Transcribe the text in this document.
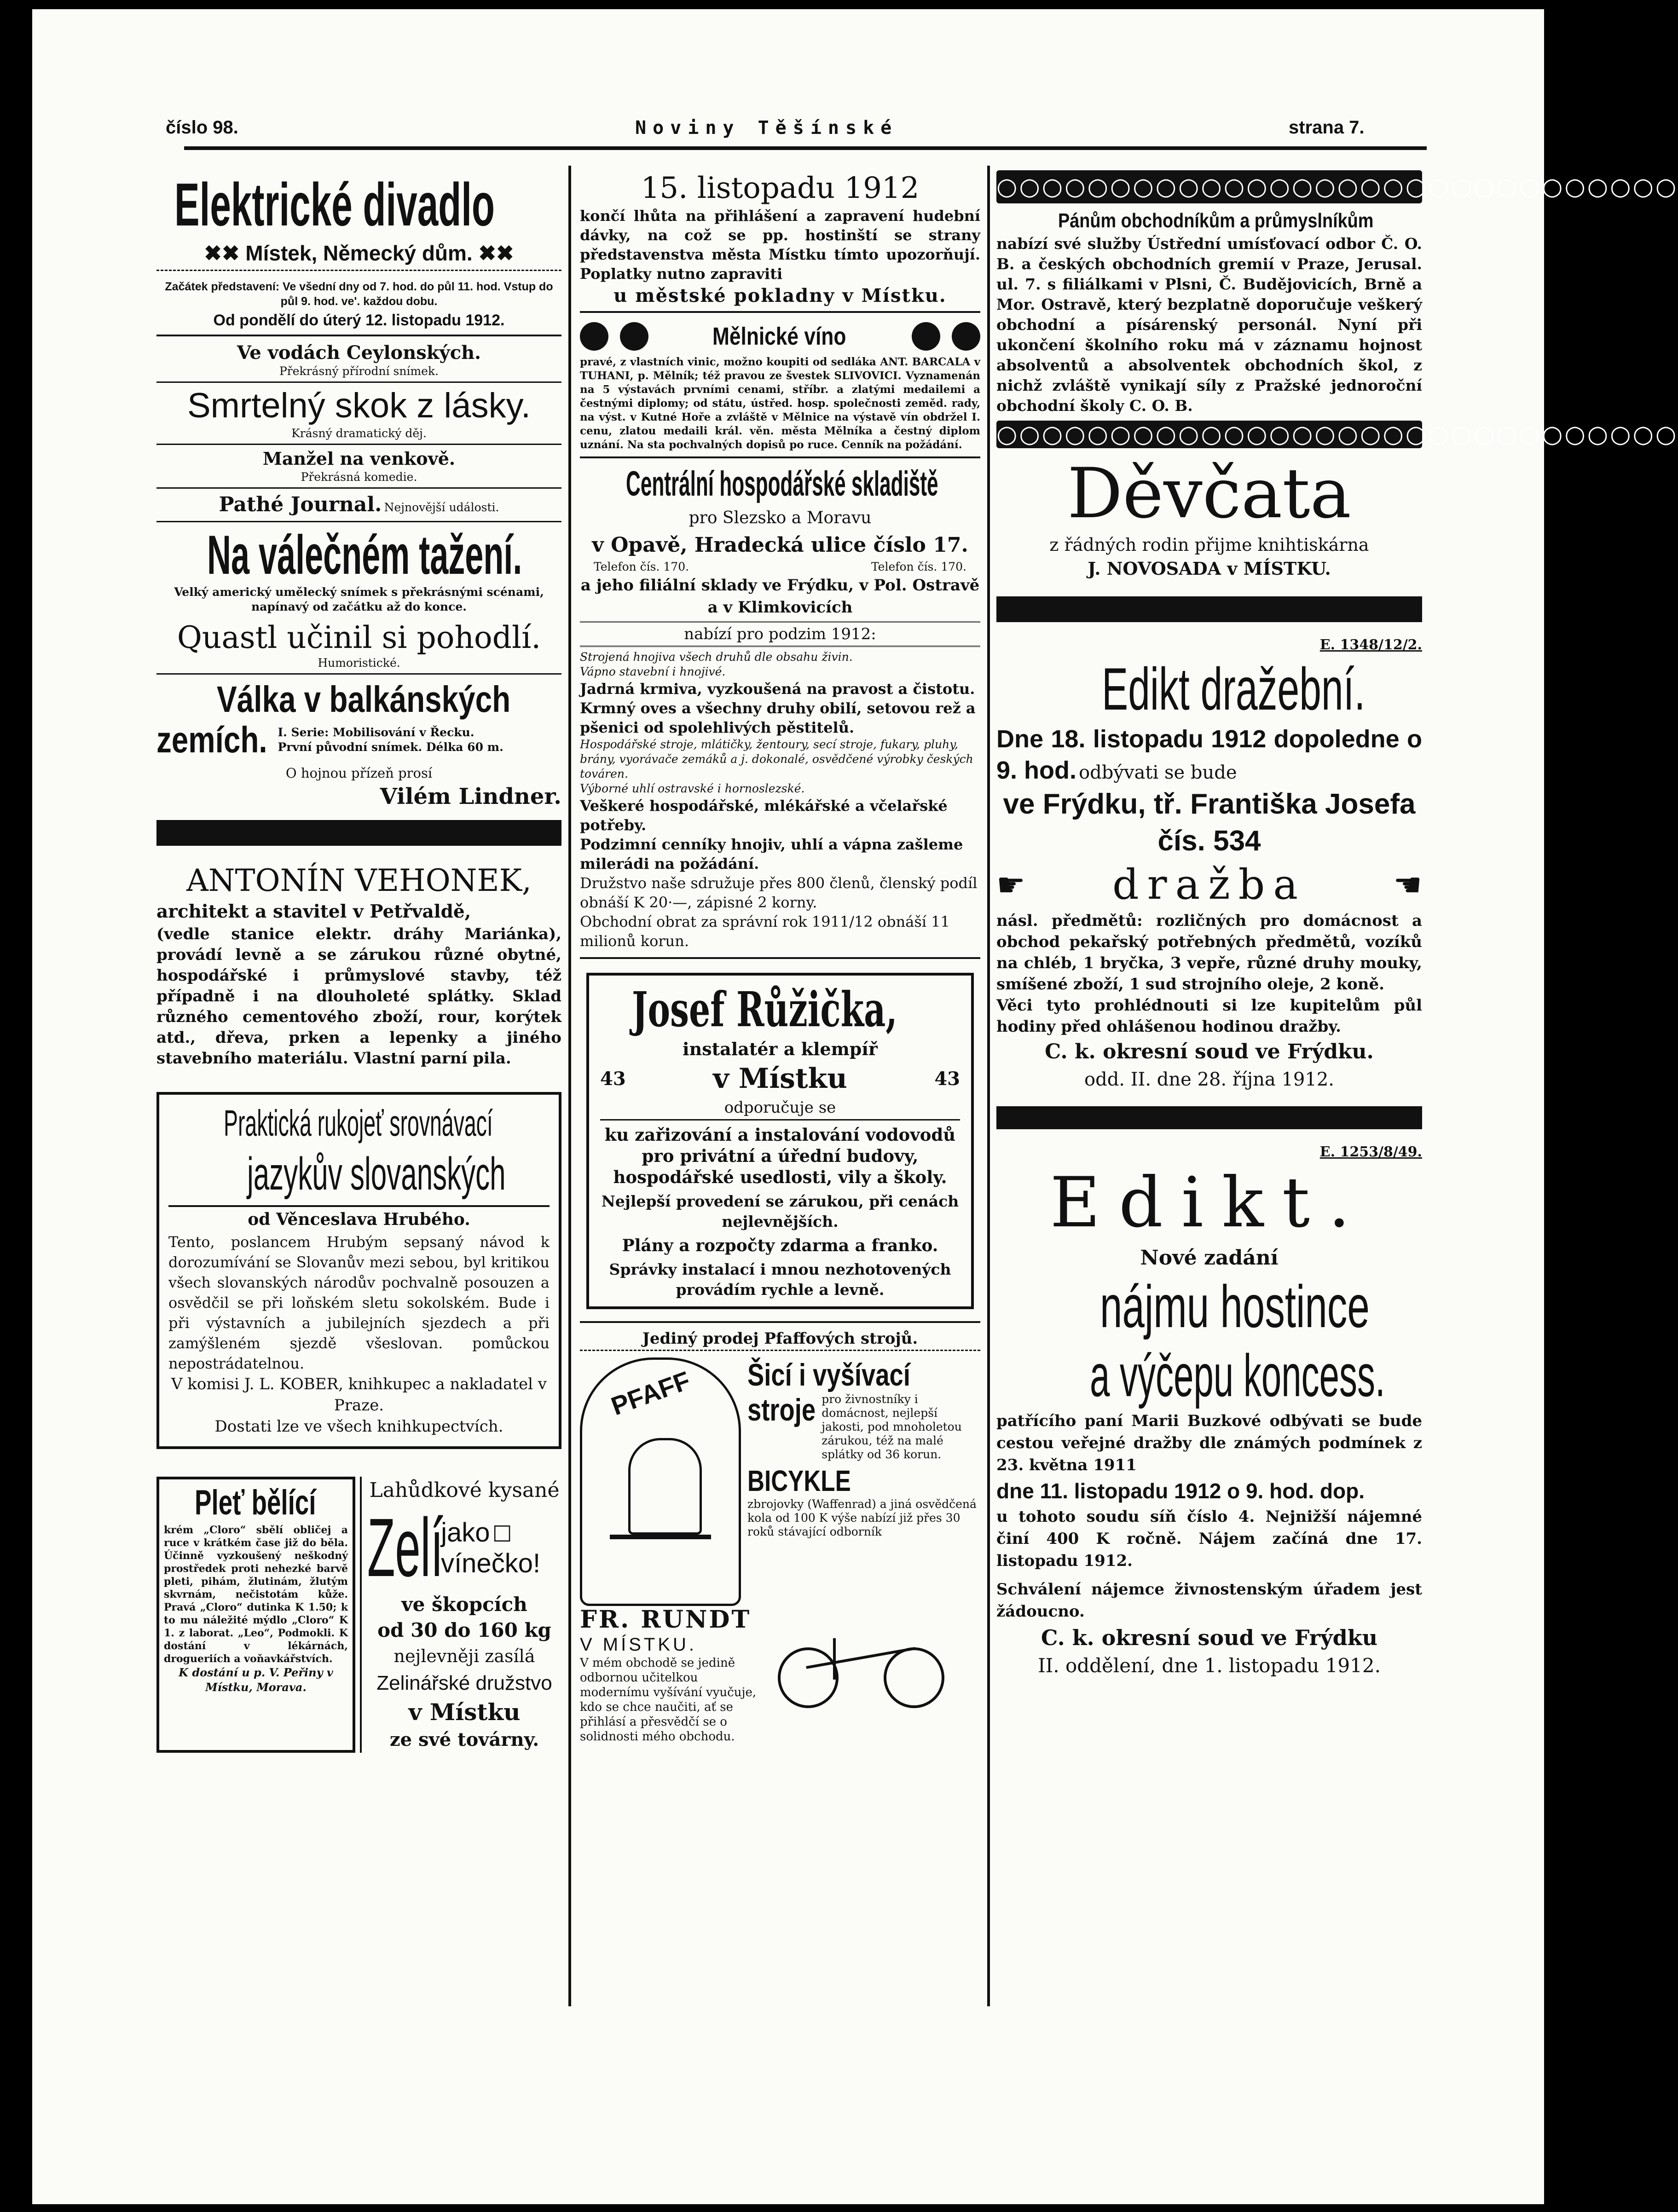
číslo 98.	Noviny Těšínské	strana 7.
Elektrické divadlo
✖✖ Místek, Německý dům. ✖✖
Začátek představení: Ve všední dny od 7. hod. do půl 11. hod. Vstup do půl 9. hod. ve'. každou dobu.
Od pondělí do úterý 12. listopadu 1912.
Ve vodách Ceylonských.
Překrásný přírodní snímek.
Smrtelný skok z lásky.
Krásný dramatický děj.
Manžel na venkově.
Překrásná komedie.
Pathé Journal. Nejnovější události.
Na válečném tažení.
Velký americký umělecký snímek s překrásnými scénami, napínavý od začátku až do konce.
Quastl učinil si pohodlí.
Humoristické.
Válka v balkánských
zemích. I. Serie: Mobilisování v Řecku.
První původní snímek. Délka 60 m.
O hojnou přízeň prosí
Vilém Lindner.
ANTONÍN VEHONEK,
architekt a stavitel v Petřvaldě,
(vedle stanice elektr. dráhy Mariánka), provádí levně a se zárukou různé obytné, hospodářské i průmyslové stavby, též případně i na dlouholeté splátky. Sklad různého cementového zboží, rour, korýtek atd., dřeva, prken a lepenky a jiného stavebního materiálu. Vlastní parní pila.
Praktická rukojeť srovnávací
jazykův slovanských
od Věnceslava Hrubého.
Tento, poslancem Hrubým sepsaný návod k dorozumívání se Slovanův mezi sebou, byl kritikou všech slovanských národův pochvalně posouzen a osvědčil se při loňském sletu sokolském. Bude i při výstavních a jubilejních sjezdech a při zamýšleném sjezdě všeslovan. pomůckou nepostrádatelnou.
V komisi J. L. KOBER, knihkupec a nakladatel v Praze.
Dostati lze ve všech knihkupectvích.
Pleť bělící
krém „Cloro“ sbělí obličej a ruce v krátkém čase již do běla. Účinně vyzkoušený neškodný prostředek proti nehezké barvě pleti, pihám, žlutinám, žlutým skvrnám, nečistotám kůže. Pravá „Cloro“ dutinka K 1.50; k to mu náležité mýdlo „Cloro“ K 1. z laborat. „Leo“, Podmokli. K dostání v lékárnách, drogueriích a voňavkářstvích.
K dostání u p. V. Peřiny v Místku, Morava.
Lahůdkové kysané
Zelí
jako ☐
vínečko!
ve škopcích
od 30 do 160 kg
nejlevněji zasílá
Zelinářské družstvo
v Místku
ze své továrny.
15. listopadu 1912
končí lhůta na přihlášení a zapravení hudební dávky, na což se pp. hostinští se strany představenstva města Místku tímto upozorňují. Poplatky nutno zapraviti
u městské pokladny v Místku.

Mělnické víno

pravé, z vlastních vinic, možno koupiti od sedláka ANT. BARCALA v TUHANI, p. Mělník; též pravou ze švestek SLIVOVICI. Vyznamenán na 5 výstavách prvními cenami, stříbr. a zlatými medailemi a čestnými diplomy; od státu, ústřed. hosp. společnosti zeměd. rady, na výst. v Kutné Hoře a zvláště v Mělnice na výstavě vín obdržel I. cenu, zlatou medaili král. věn. města Mělníka a čestný diplom uznání. Na sta pochvalných dopisů po ruce. Cenník na požádání.
Centrální hospodářské skladiště
pro Slezsko a Moravu
v Opavě, Hradecká ulice číslo 17.
Telefon čís. 170.	Telefon čís. 170.
a jeho filiální sklady ve Frýdku, v Pol. Ostravě a v Klimkovicích
nabízí pro podzim 1912:
Strojená hnojiva všech druhů dle obsahu živin.
Vápno stavební i hnojivé.
Jadrná krmiva, vyzkoušená na pravost a čistotu.
Krmný oves a všechny druhy obilí, setovou rež a pšenici od spolehlivých pěstitelů.
Hospodářské stroje, mlátičky, žentoury, secí stroje, fukary, pluhy, brány, vyorávače zemáků a j. dokonalé, osvědčené výrobky českých továren.
Výborné uhlí ostravské i hornoslezské.
Veškeré hospodářské, mlékářské a včelařské potřeby.
Podzimní cenníky hnojiv, uhlí a vápna zašleme milerádi na požádání.
Družstvo naše sdružuje přes 800 členů, členský podíl obnáší K 20·—, zápisné 2 korny.
Obchodní obrat za správní rok 1911/12 obnáší 11 milionů korun.
Josef Růžička,
instalatér a klempíř
43	v Místku	43
odporučuje se
ku zařizování a instalování vodovodů pro privátní a úřední budovy, hospodářské usedlosti, vily a školy.
Nejlepší provedení se zárukou, při cenách nejlevnějších.
Plány a rozpočty zdarma a franko.
Správky instalací i mnou nezhotovených provádím rychle a levně.
Jediný prodej Pfaffových strojů.
PFAFF Šicí i vyšívací
stroje pro živnostníky i domácnost, nejlepší jakosti, pod mnoholetou zárukou, též na malé splátky od 36 korun.
BICYKLE
zbrojovky (Waffenrad) a jiná osvědčená kola od 100 K výše nabízí již přes 30 roků stávající odborník
FR. RUNDT
V MÍSTKU.
V mém obchodě se jedině odbornou učitelkou modernímu vyšívání vyučuje, kdo se chce naučiti, ať se přihlásí a přesvědčí se o solidnosti mého obchodu.
○○○○○○○○○○○○○○○○○○○○○○○○○○○○○○
Pánům obchodníkům a průmyslníkům
nabízí své služby Ústřední umísťovací odbor Č. O. B. a českých obchodních gremií v Praze, Jerusal. ul. 7. s filiálkami v Plsni, Č. Budějovicích, Brně a Mor. Ostravě, který bezplatně doporučuje veškerý obchodní a písárenský personál. Nyní při ukončení školního roku má v záznamu hojnost absolventů a absolventek obchodních škol, z nichž zvláště vynikají síly z Pražské jednoroční obchodní školy C. O. B.
○○○○○○○○○○○○○○○○○○○○○○○○○○○○○○
Děvčata
z řádných rodin přijme knihtiskárna
J. NOVOSADA v MÍSTKU.
E. 1348/12/2.
Edikt dražební.
Dne 18. listopadu 1912 dopoledne o 9. hod. odbývati se bude
ve Frýdku, tř. Františka Josefa čís. 534
☛ dražba	☚
násl. předmětů: rozličných pro domácnost a obchod pekařský potřebných předmětů, vozíků na chléb, 1 bryčka, 3 vepře, různé druhy mouky, smíšené zboží, 1 sud strojního oleje, 2 koně.
Věci tyto prohlédnouti si lze kupitelům půl hodiny před ohlášenou hodinou dražby.
C. k. okresní soud ve Frýdku.
odd. II. dne 28. října 1912.
E. 1253/8/49.
Edikt.
Nové zadání
nájmu hostince
a výčepu koncess.
patřícího paní Marii Buzkové odbývati se bude cestou veřejné dražby dle známých podmínek z 23. května 1911
dne 11. listopadu 1912 o 9. hod. dop.
u tohoto soudu síň číslo 4. Nejnižší nájemné činí 400 K ročně. Nájem začíná dne 17. listopadu 1912.
Schválení nájemce živnostenským úřadem jest žádoucno.
C. k. okresní soud ve Frýdku
II. oddělení, dne 1. listopadu 1912.
